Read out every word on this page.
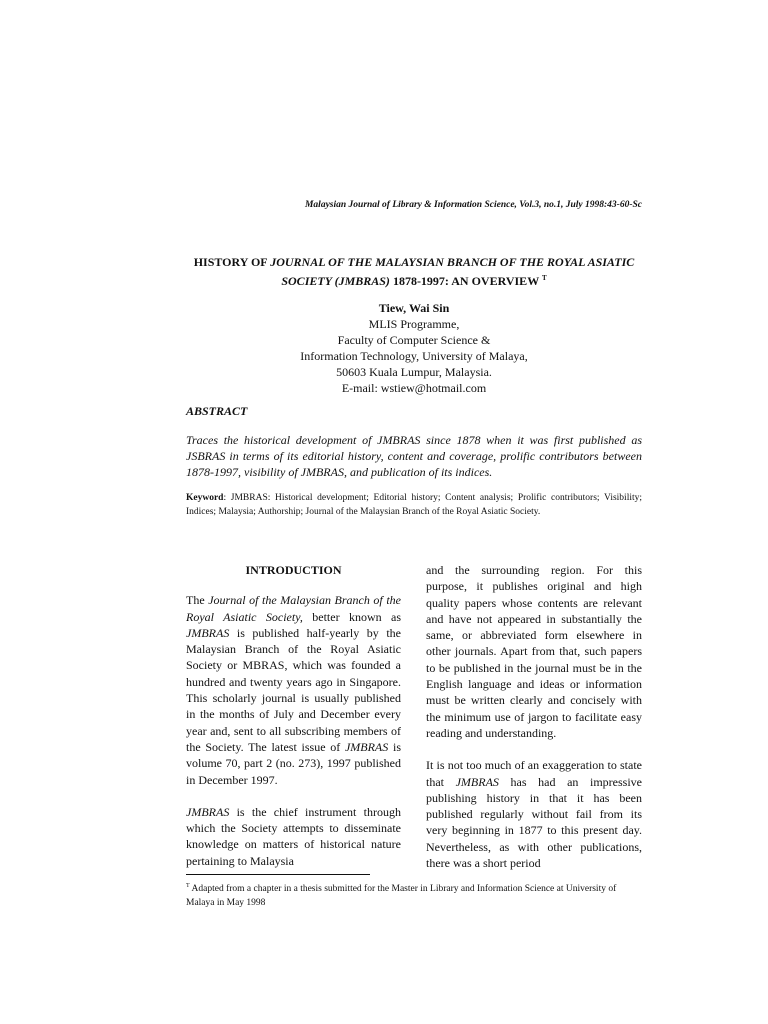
Malaysian Journal of Library & Information Science, Vol.3, no.1, July 1998:43-60-Sc
HISTORY OF JOURNAL OF THE MALAYSIAN BRANCH OF THE ROYAL ASIATIC SOCIETY (JMBRAS) 1878-1997: AN OVERVIEW $^T$
Tiew, Wai Sin
MLIS Programme,
Faculty of Computer Science &
Information Technology, University of Malaya,
50603 Kuala Lumpur, Malaysia.
E-mail: wstiew@hotmail.com
ABSTRACT
Traces the historical development of JMBRAS since 1878 when it was first published as JSBRAS in terms of its editorial history, content and coverage, prolific contributors between 1878-1997, visibility of JMBRAS, and publication of its indices.
Keyword: JMBRAS: Historical development; Editorial history; Content analysis; Prolific contributors; Visibility; Indices; Malaysia; Authorship; Journal of the Malaysian Branch of the Royal Asiatic Society.
INTRODUCTION

The Journal of the Malaysian Branch of the Royal Asiatic Society, better known as JMBRAS is published half-yearly by the Malaysian Branch of the Royal Asiatic Society or MBRAS, which was founded a hundred and twenty years ago in Singapore. This scholarly journal is usually published in the months of July and December every year and, sent to all subscribing members of the Society. The latest issue of JMBRAS is volume 70, part 2 (no. 273), 1997 published in December 1997.

JMBRAS is the chief instrument through which the Society attempts to disseminate knowledge on matters of historical nature pertaining to Malaysia

and the surrounding region. For this purpose, it publishes original and high quality papers whose contents are relevant and have not appeared in substantially the same, or abbreviated form elsewhere in other journals. Apart from that, such papers to be published in the journal must be in the English language and ideas or information must be written clearly and concisely with the minimum use of jargon to facilitate easy reading and understanding.

It is not too much of an exaggeration to state that JMBRAS has had an impressive publishing history in that it has been published regularly without fail from its very beginning in 1877 to this present day. Nevertheless, as with other publications, there was a short period

$^T$ Adapted from a chapter in a thesis submitted for the Master in Library and Information Science at University of Malaya in May 1998
